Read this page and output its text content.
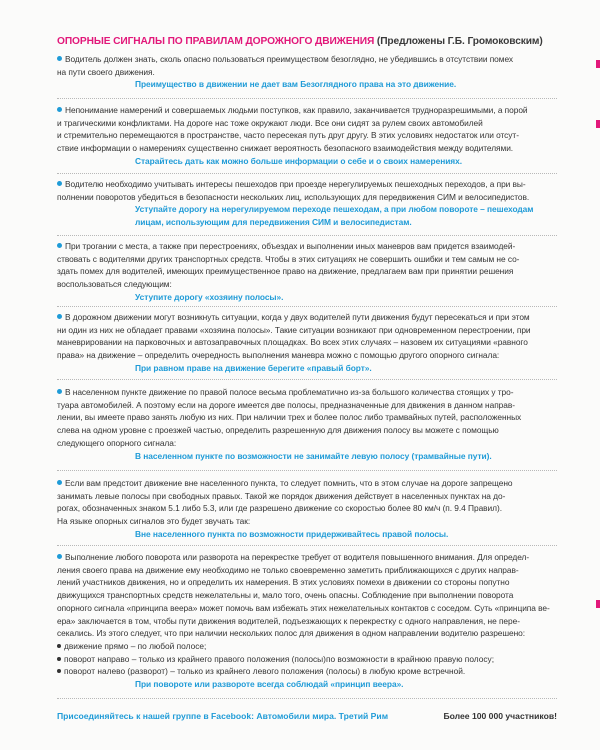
ОПОРНЫЕ СИГНАЛЫ ПО ПРАВИЛАМ ДОРОЖНОГО ДВИЖЕНИЯ (Предложены Г.Б. Громоковским)
Водитель должен знать, сколь опасно пользоваться преимуществом безоглядно, не убедившись в отсутствии помех
на пути своего движения.
Преимущество в движении не дает вам Безоглядного права на это движение.
Непонимание намерений и совершаемых людьми поступков, как правило, заканчивается трудноразрешимыми, а порой
и трагическими конфликтами. На дороге нас тоже окружают люди. Все они сидят за рулем своих автомобилей
и стремительно перемещаются в пространстве, часто пересекая путь друг другу. В этих условиях недостаток или отсут-
ствие информации о намерениях существенно снижает вероятность безопасного взаимодействия между водителями.
Старайтесь дать как можно больше информации о себе и о своих намерениях.
Водителю необходимо учитывать интересы пешеходов при проезде нерегулируемых пешеходных переходов, а при вы-
полнении поворотов убедиться в безопасности нескольких лиц, использующих для передвижения СИМ и велосипедистов.
Уступайте дорогу на нерегулируемом переходе пешеходам, а при любом повороте – пешеходам
лицам, использующим для передвижения СИМ и велосипедистам.
При трогании с места, а также при перестроениях, объездах и выполнении иных маневров вам придется взаимодей-
ствовать с водителями других транспортных средств. Чтобы в этих ситуациях не совершить ошибки и тем самым не со-
здать помех для водителей, имеющих преимущественное право на движение, предлагаем вам при принятии решения
воспользоваться следующим:
Уступите дорогу «хозяину полосы».
В дорожном движении могут возникнуть ситуации, когда у двух водителей пути движения будут пересекаться и при этом
ни один из них не обладает правами «хозяина полосы». Такие ситуации возникают при одновременном перестроении, при
маневрировании на парковочных и автозаправочных площадках. Во всех этих случаях – назовем их ситуациями «равного
права» на движение – определить очередность выполнения маневра можно с помощью другого опорного сигнала:
При равном праве на движение берегите «правый борт».
В населенном пункте движение по правой полосе весьма проблематично из-за большого количества стоящих у тро-
туара автомобилей. А поэтому если на дороге имеется две полосы, предназначенные для движения в данном направ-
лении, вы имеете право занять любую из них. При наличии трех и более полос либо трамвайных путей, расположенных
слева на одном уровне с проезжей частью, определить разрешенную для движения полосу вы можете с помощью
следующего опорного сигнала:
В населенном пункте по возможности не занимайте левую полосу (трамвайные пути).
Если вам предстоит движение вне населенного пункта, то следует помнить, что в этом случае на дороге запрещено
занимать левые полосы при свободных правых. Такой же порядок движения действует в населенных пунктах на до-
рогах, обозначенных знаком 5.1 либо 5.3, или где разрешено движение со скоростью более 80 км/ч (п. 9.4 Правил).
На языке опорных сигналов это будет звучать так:
Вне населенного пункта по возможности придерживайтесь правой полосы.
Выполнение любого поворота или разворота на перекрестке требует от водителя повышенного внимания. Для определ-
ления своего права на движение ему необходимо не только своевременно заметить приближающихся с других направ-
лений участников движения, но и определить их намерения. В этих условиях помехи в движении со стороны попутно
движущихся транспортных средств нежелательны и, мало того, очень опасны. Соблюдение при выполнении поворота
опорного сигнала «принципа веера» может помочь вам избежать этих нежелательных контактов с соседом. Суть «принципа ве-
ера» заключается в том, чтобы пути движения водителей, подъезжающих к перекрестку с одного направления, не пере-
секались. Из этого следует, что при наличии нескольких полос для движения в одном направлении водителю разрешено:
движение прямо – по любой полосе;
поворот направо – только из крайнего правого положения (полосы)по возможности в крайнюю правую полосу;
поворот налево (разворот) – только из крайнего левого положения (полосы) в любую кроме встречной.
При повороте или развороте всегда соблюдай «принцип веера».
Присоединяйтесь к нашей группе в Facebook: Автомобили мира. Третий Рим	Более 100 000 участников!
